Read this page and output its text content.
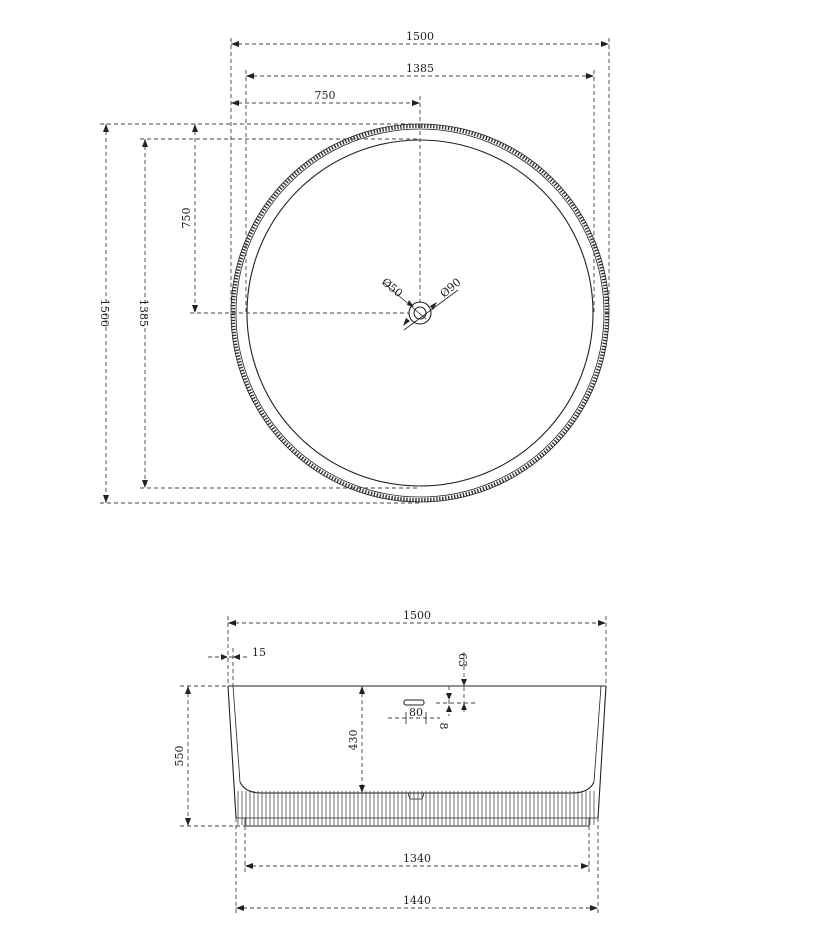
Ø50	Ø90
1500
1385
750
1500 1385
750
1500
15
63
8
80
550
430
1340
1440
